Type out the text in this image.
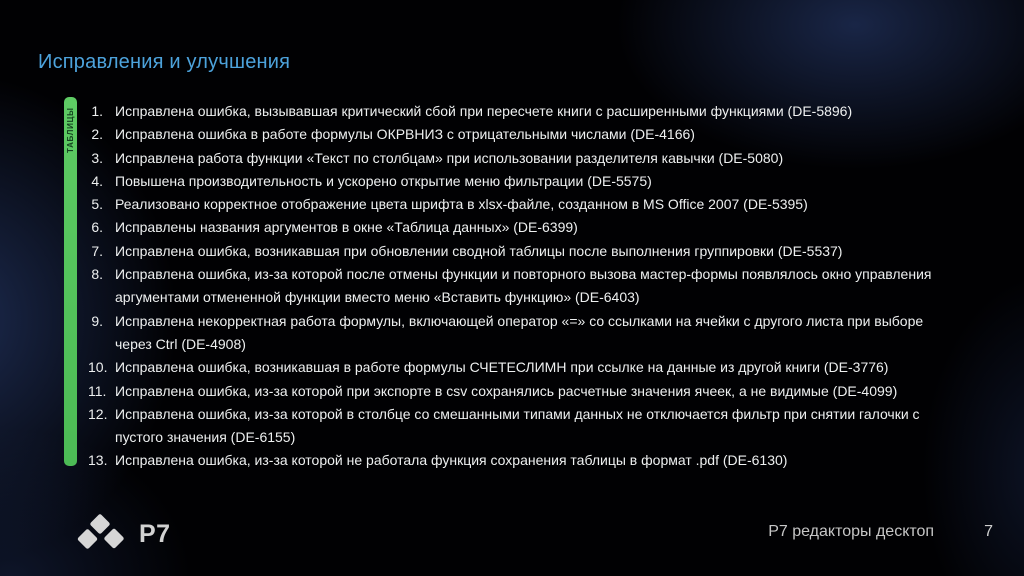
Исправления и улучшения
ТАБЛИЦЫ 1. Исправлена ошибка, вызывавшая критический сбой при пересчете книги с расширенными функциями (DE-5896)
2. Исправлена ошибка в работе формулы ОКРВНИЗ с отрицательными числами (DE-4166)
3. Исправлена работа функции «Текст по столбцам» при использовании разделителя кавычки (DE-5080)
4. Повышена производительность и ускорено открытие меню фильтрации (DE-5575)
5. Реализовано корректное отображение цвета шрифта в xlsx-файле, созданном в MS Office 2007 (DE-5395)
6. Исправлены названия аргументов в окне «Таблица данных» (DE-6399)
7. Исправлена ошибка, возникавшая при обновлении сводной таблицы после выполнения группировки (DE-5537)
8. Исправлена ошибка, из-за которой после отмены функции и повторного вызова мастер-формы появлялось окно управления аргументами отмененной функции вместо меню «Вставить функцию» (DE-6403)
9. Исправлена некорректная работа формулы, включающей оператор «=» со ссылками на ячейки с другого листа при выборе через Ctrl (DE-4908)
10. Исправлена ошибка, возникавшая в работе формулы СЧЕТЕСЛИМН при ссылке на данные из другой книги (DE-3776)
11. Исправлена ошибка, из-за которой при экспорте в csv сохранялись расчетные значения ячеек, а не видимые (DE-4099)
12. Исправлена ошибка, из-за которой в столбце со смешанными типами данных не отключается фильтр при снятии галочки с пустого значения (DE-6155)
13. Исправлена ошибка, из-за которой не работала функция сохранения таблицы в формат .pdf (DE-6130)
Р7	Р7 редакторы десктоп	7
